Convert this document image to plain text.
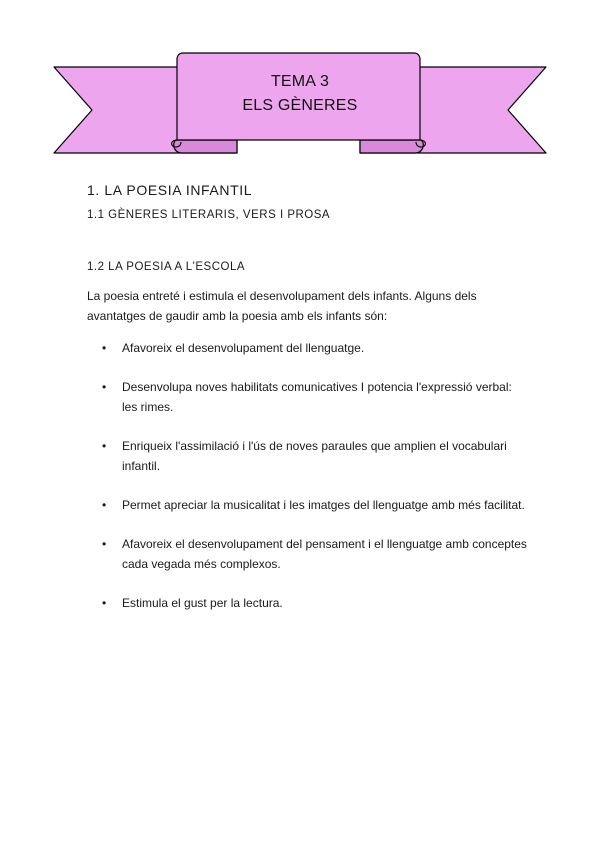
TEMA 3
ELS GÈNERES
1. LA POESIA INFANTIL
1.1 GÈNERES LITERARIS, VERS I PROSA
1.2 LA POESIA A L'ESCOLA

La poesia entreté i estimula el desenvolupament dels infants. Alguns dels avantatges de gaudir amb la poesia amb els infants són:

• Afavoreix el desenvolupament del llenguatge.
• Desenvolupa noves habilitats comunicatives I potencia l'expressió verbal: les rimes.
• Enriqueix l'assimilació i l'ús de noves paraules que amplien el vocabulari infantil.
• Permet apreciar la musicalitat i les imatges del llenguatge amb més facilitat.
• Afavoreix el desenvolupament del pensament i el llenguatge amb conceptes cada vegada més complexos.
• Estimula el gust per la lectura.
